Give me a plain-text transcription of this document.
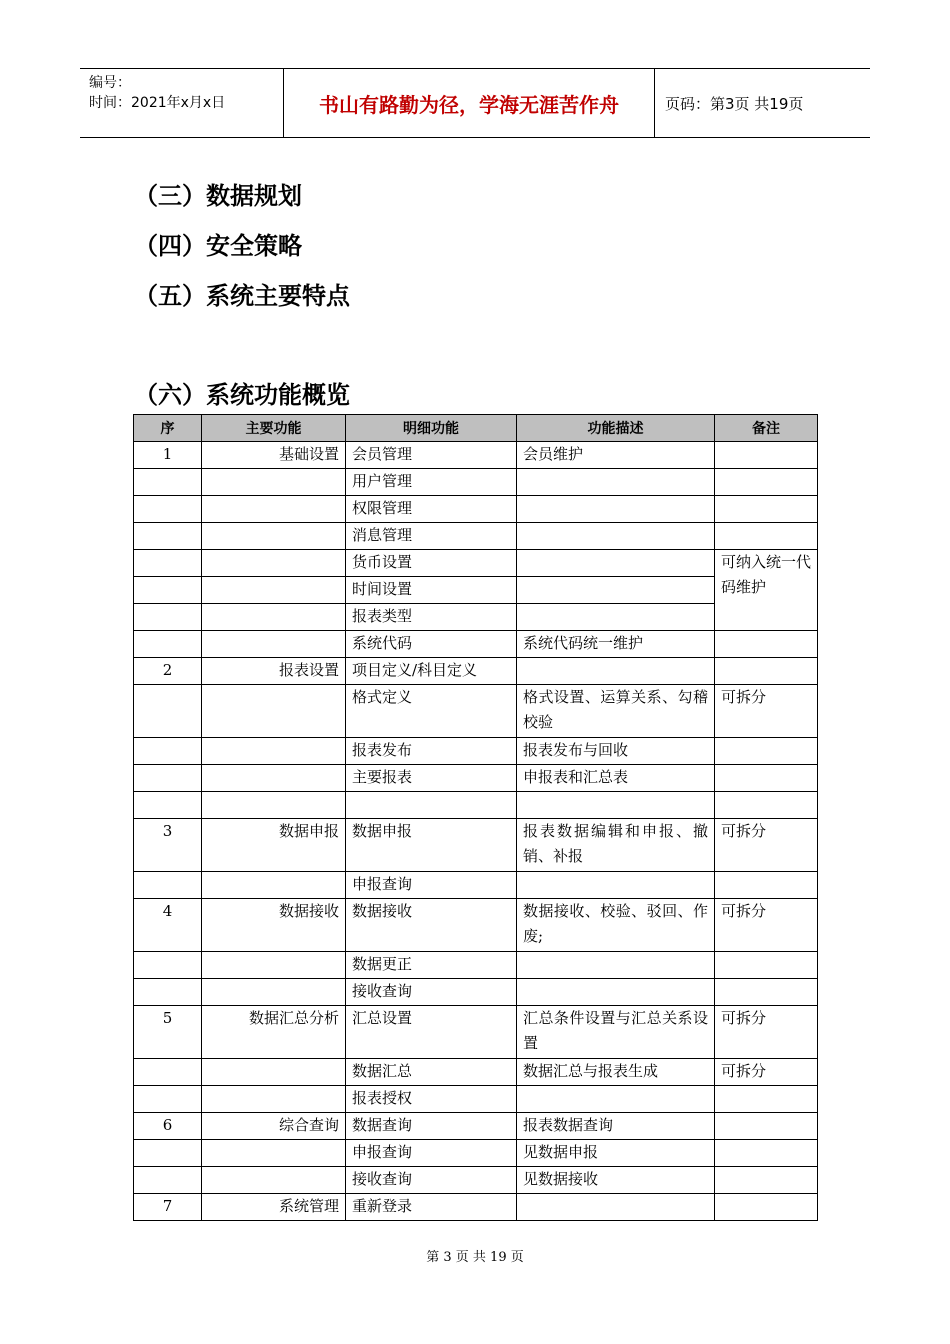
编号：
时间：2021年x月x日	书山有路勤为径，学海无涯苦作舟	页码：第3页 共19页
（三）数据规划
（四）安全策略
（五）系统主要特点
（六）系统功能概览
序	主要功能	明细功能	功能描述	备注
1	基础设置	会员管理	会员维护	
		用户管理		
		权限管理		
		消息管理		
		货币设置		可纳入统一代码维护
		时间设置		
		报表类型		
		系统代码	系统代码统一维护	
2	报表设置	项目定义/科目定义		
		格式定义	格式设置、运算关系、勾稽校验	可拆分
		报表发布	报表发布与回收	
		主要报表	申报表和汇总表	

3	数据申报	数据申报	报表数据编辑和申报、撤销、补报	可拆分
		申报查询		
4	数据接收	数据接收	数据接收、校验、驳回、作废;	可拆分
		数据更正		
		接收查询		
5	数据汇总分析	汇总设置	汇总条件设置与汇总关系设置	可拆分
		数据汇总	数据汇总与报表生成	可拆分
		报表授权		
6	综合查询	数据查询	报表数据查询	
		申报查询	见数据申报	
		接收查询	见数据接收	
7	系统管理	重新登录		
第 3 页 共 19 页
